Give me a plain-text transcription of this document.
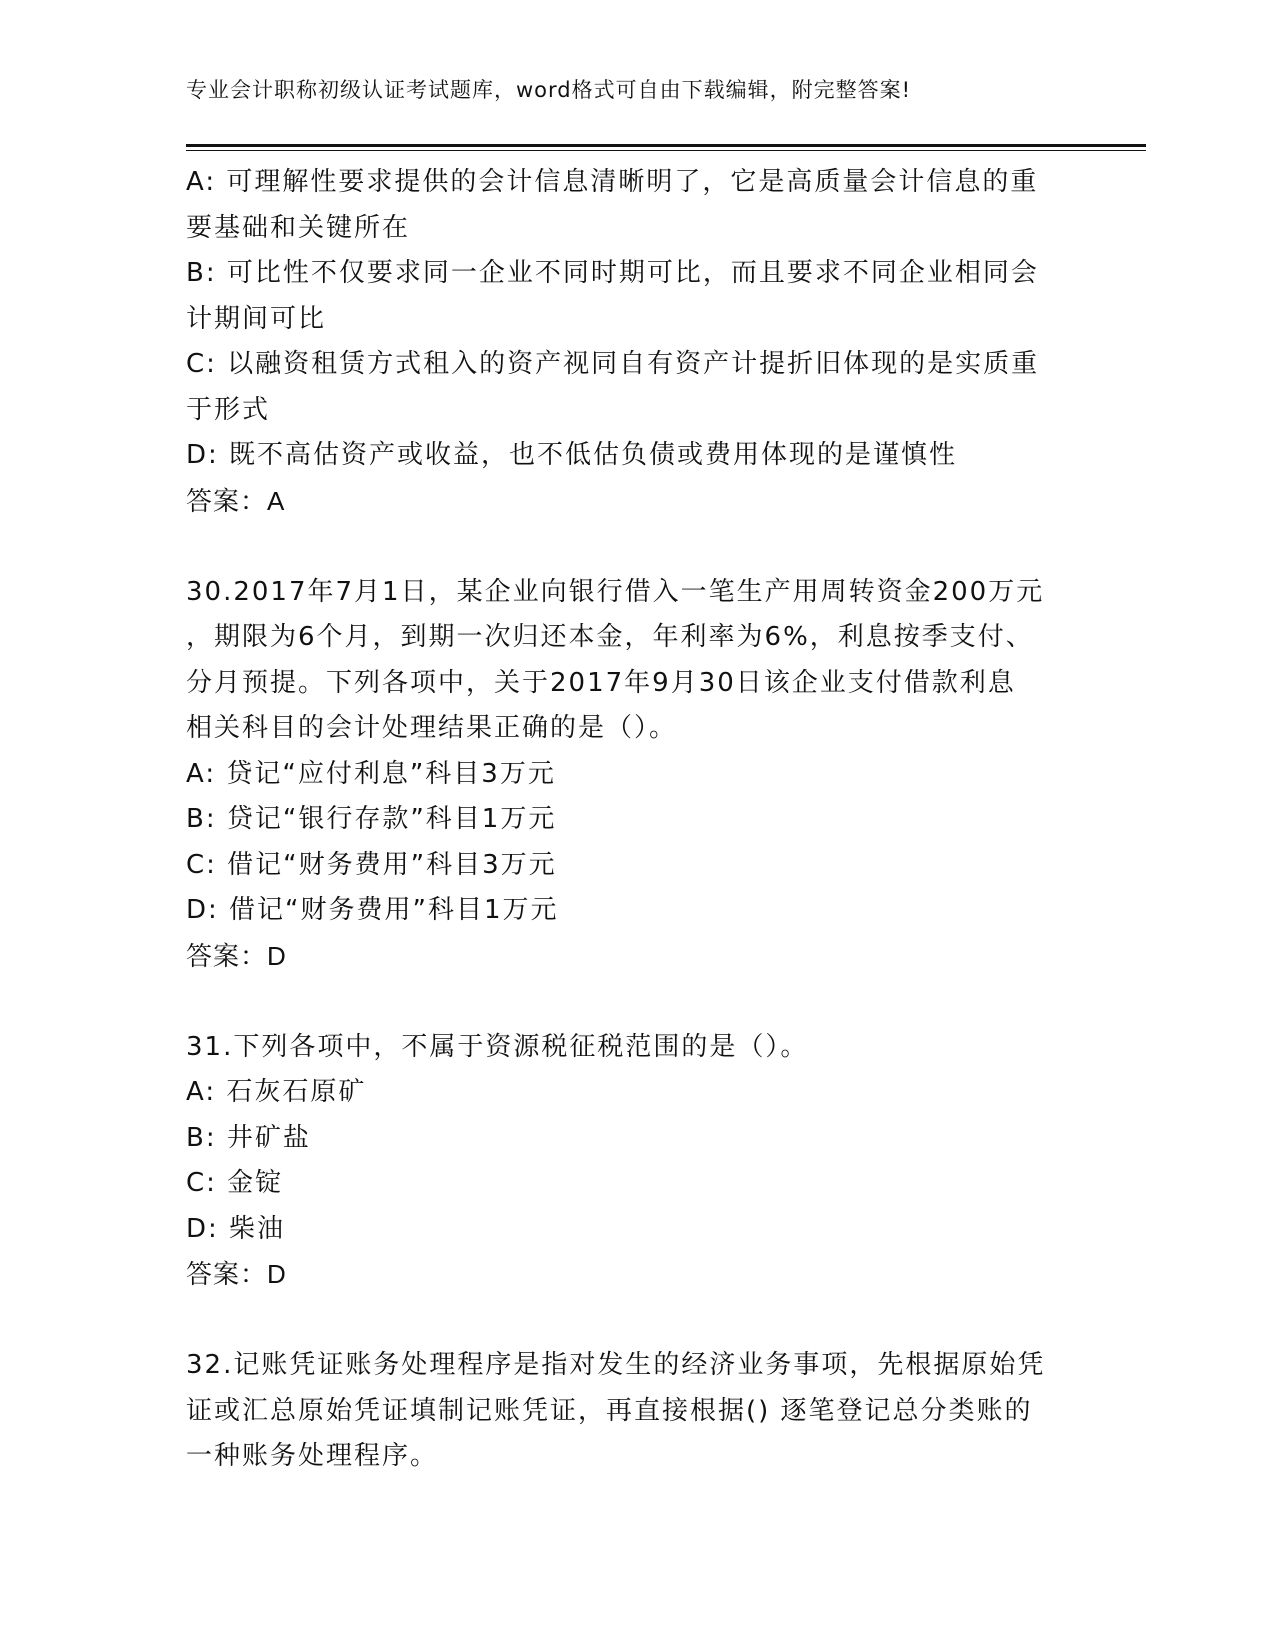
专业会计职称初级认证考试题库，word格式可自由下载编辑，附完整答案!
A: 可理解性要求提供的会计信息清晰明了，它是高质量会计信息的重
要基础和关键所在
B: 可比性不仅要求同一企业不同时期可比，而且要求不同企业相同会
计期间可比
C: 以融资租赁方式租入的资产视同自有资产计提折旧体现的是实质重
于形式
D: 既不高估资产或收益，也不低估负债或费用体现的是谨慎性
答案：A
30.2017年7月1日，某企业向银行借入一笔生产用周转资金200万元
，期限为6个月，到期一次归还本金，年利率为6%，利息按季支付、
分月预提。下列各项中，关于2017年9月30日该企业支付借款利息
相关科目的会计处理结果正确的是（）。
A: 贷记“应付利息”科目3万元
B: 贷记“银行存款”科目1万元
C: 借记“财务费用”科目3万元
D: 借记“财务费用”科目1万元
答案：D
31.下列各项中，不属于资源税征税范围的是（）。
A: 石灰石原矿
B: 井矿盐
C: 金锭
D: 柴油
答案：D
32.记账凭证账务处理程序是指对发生的经济业务事项，先根据原始凭
证或汇总原始凭证填制记账凭证，再直接根据() 逐笔登记总分类账的
一种账务处理程序。
